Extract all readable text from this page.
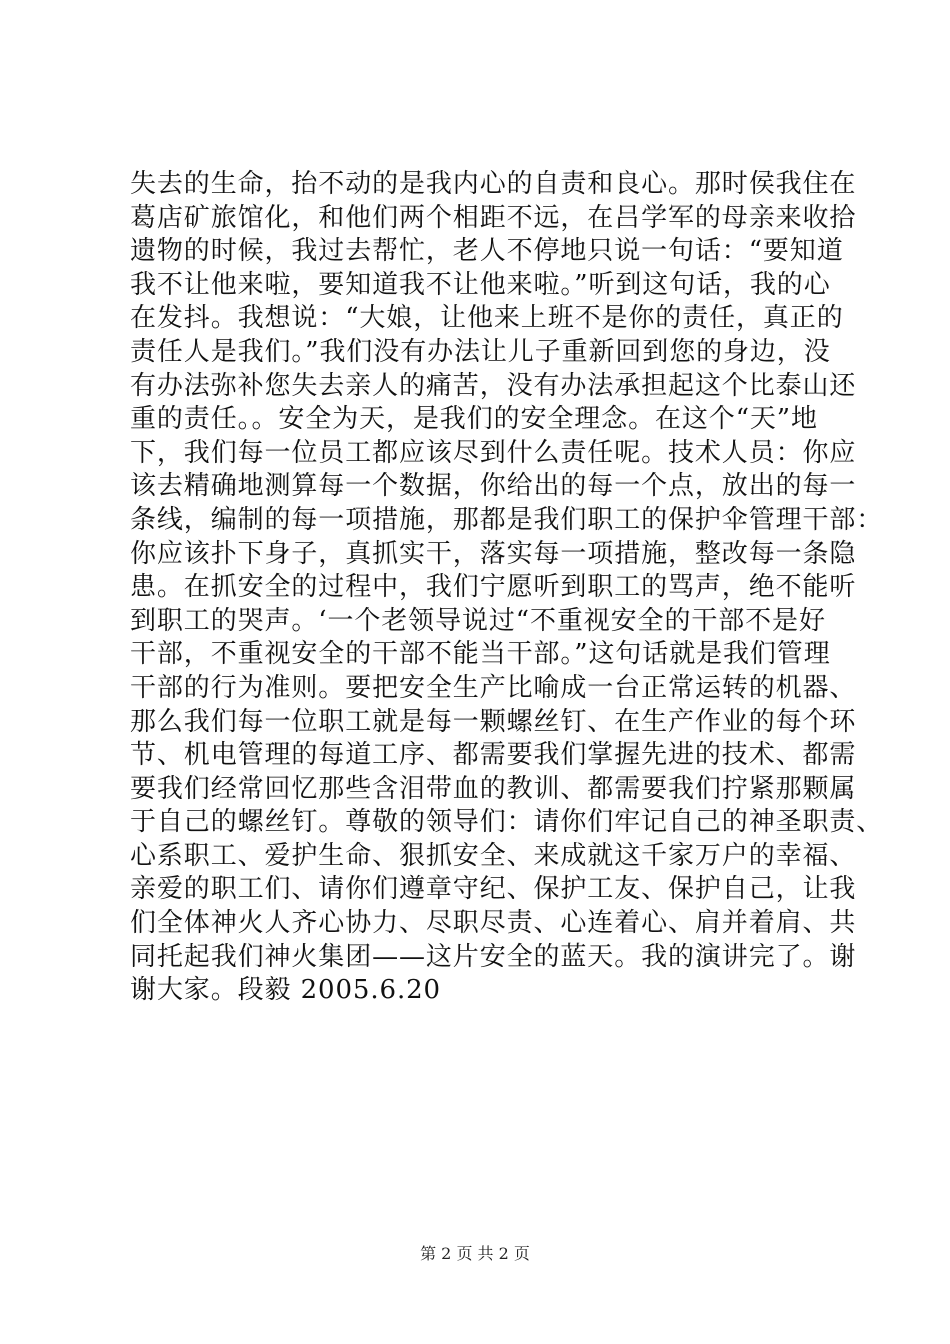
失去的生命，抬不动的是我内心的自责和良心。那时侯我住在
葛店矿旅馆化，和他们两个相距不远，在吕学军的母亲来收拾
遗物的时候，我过去帮忙，老人不停地只说一句话：“要知道
我不让他来啦，要知道我不让他来啦。”听到这句话，我的心
在发抖。我想说：“大娘，让他来上班不是你的责任，真正的
责任人是我们。”我们没有办法让儿子重新回到您的身边，没
有办法弥补您失去亲人的痛苦，没有办法承担起这个比泰山还
重的责任。。安全为天，是我们的安全理念。在这个“天”地
下，我们每一位员工都应该尽到什么责任呢。技术人员：你应
该去精确地测算每一个数据，你给出的每一个点，放出的每一
条线，编制的每一项措施，那都是我们职工的保护伞管理干部：
你应该扑下身子，真抓实干，落实每一项措施，整改每一条隐
患。在抓安全的过程中，我们宁愿听到职工的骂声，绝不能听
到职工的哭声。‘一个老领导说过“不重视安全的干部不是好
干部，不重视安全的干部不能当干部。”这句话就是我们管理
干部的行为准则。要把安全生产比喻成一台正常运转的机器、
那么我们每一位职工就是每一颗螺丝钉、在生产作业的每个环
节、机电管理的每道工序、都需要我们掌握先进的技术、都需
要我们经常回忆那些含泪带血的教训、都需要我们拧紧那颗属
于自己的螺丝钉。尊敬的领导们：请你们牢记自己的神圣职责、
心系职工、爱护生命、狠抓安全、来成就这千家万户的幸福、
亲爱的职工们、请你们遵章守纪、保护工友、保护自己，让我
们全体神火人齐心协力、尽职尽责、心连着心、肩并着肩、共
同托起我们神火集团——这片安全的蓝天。我的演讲完了。谢
谢大家。段毅 2005.6.20
第 2 页 共 2 页
